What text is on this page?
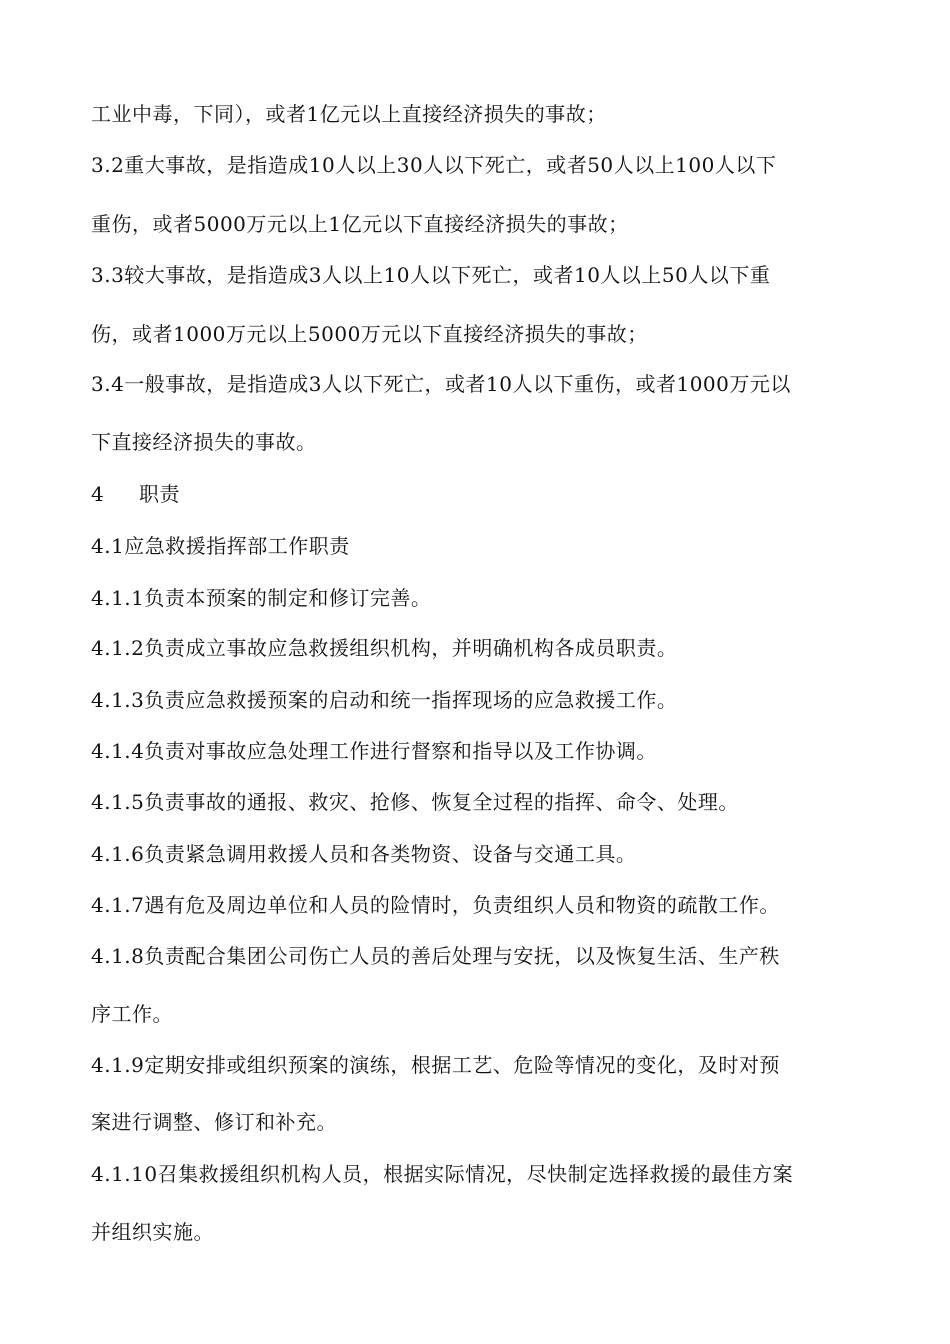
工业中毒，下同），或者1亿元以上直接经济损失的事故；
3.2重大事故，是指造成10人以上30人以下死亡，或者50人以上100人以下
重伤，或者5000万元以上1亿元以下直接经济损失的事故；
3.3较大事故，是指造成3人以上10人以下死亡，或者10人以上50人以下重
伤，或者1000万元以上5000万元以下直接经济损失的事故；
3.4一般事故，是指造成3人以下死亡，或者10人以下重伤，或者1000万元以
下直接经济损失的事故。
4 职责
4.1应急救援指挥部工作职责
4.1.1负责本预案的制定和修订完善。
4.1.2负责成立事故应急救援组织机构，并明确机构各成员职责。
4.1.3负责应急救援预案的启动和统一指挥现场的应急救援工作。
4.1.4负责对事故应急处理工作进行督察和指导以及工作协调。
4.1.5负责事故的通报、救灾、抢修、恢复全过程的指挥、命令、处理。
4.1.6负责紧急调用救援人员和各类物资、设备与交通工具。
4.1.7遇有危及周边单位和人员的险情时，负责组织人员和物资的疏散工作。
4.1.8负责配合集团公司伤亡人员的善后处理与安抚，以及恢复生活、生产秩
序工作。
4.1.9定期安排或组织预案的演练，根据工艺、危险等情况的变化，及时对预
案进行调整、修订和补充。
4.1.10召集救援组织机构人员，根据实际情况，尽快制定选择救援的最佳方案
并组织实施。
